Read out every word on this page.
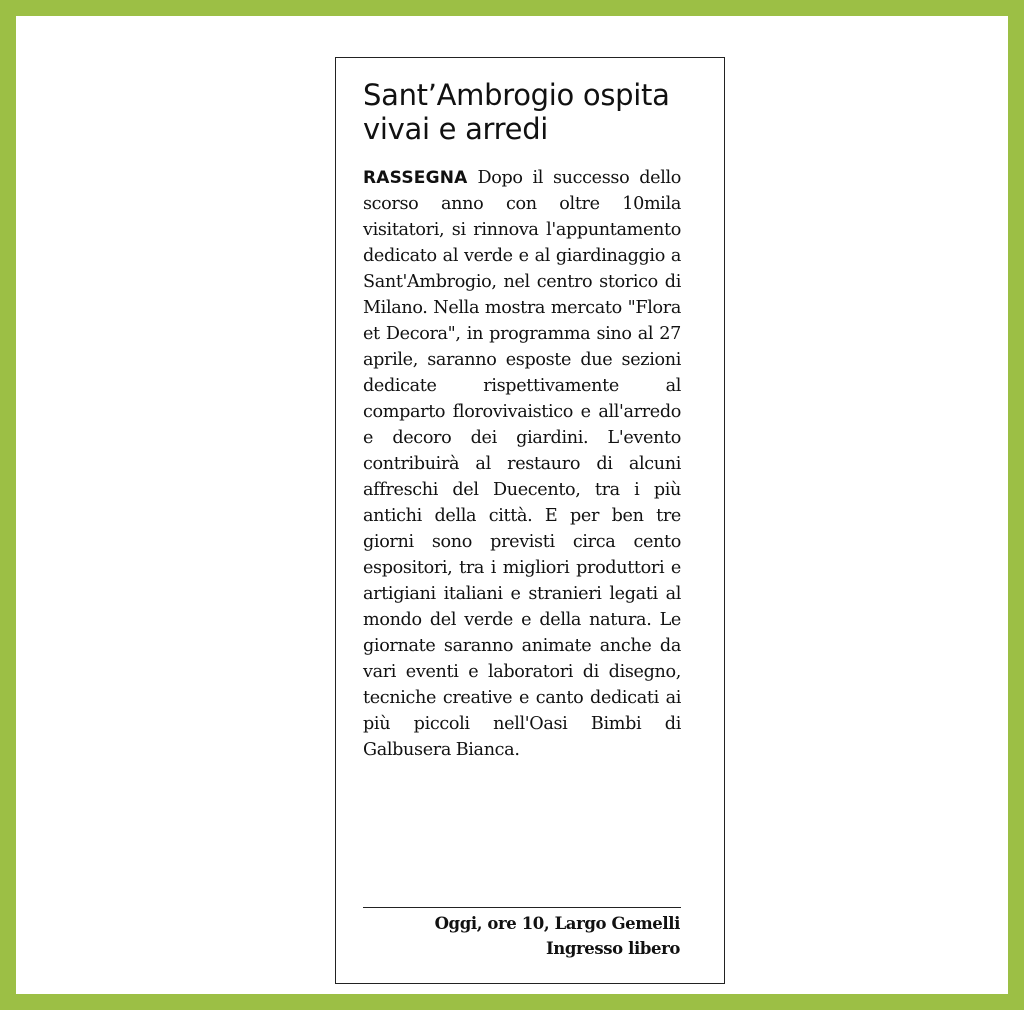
Sant’Ambrogio ospita vivai e arredi

RASSEGNA Dopo il successo dello scorso anno con oltre 10mila visitatori, si rinnova l'appuntamento dedicato al verde e al giardinaggio a Sant'Ambrogio, nel centro storico di Milano. Nella mostra mercato "Flora et Decora", in programma sino al 27 aprile, saranno esposte due sezioni dedicate rispettivamente al comparto florovivaistico e all'arredo e decoro dei giardini. L'evento contribuirà al restauro di alcuni affreschi del Duecento, tra i più antichi della città. E per ben tre giorni sono previsti circa cento espositori, tra i migliori produttori e artigiani italiani e stranieri legati al mondo del verde e della natura. Le giornate saranno animate anche da vari eventi e laboratori di disegno, tecniche creative e canto dedicati ai più piccoli nell'Oasi Bimbi di Galbusera Bianca.

Oggi, ore 10, Largo Gemelli
Ingresso libero
